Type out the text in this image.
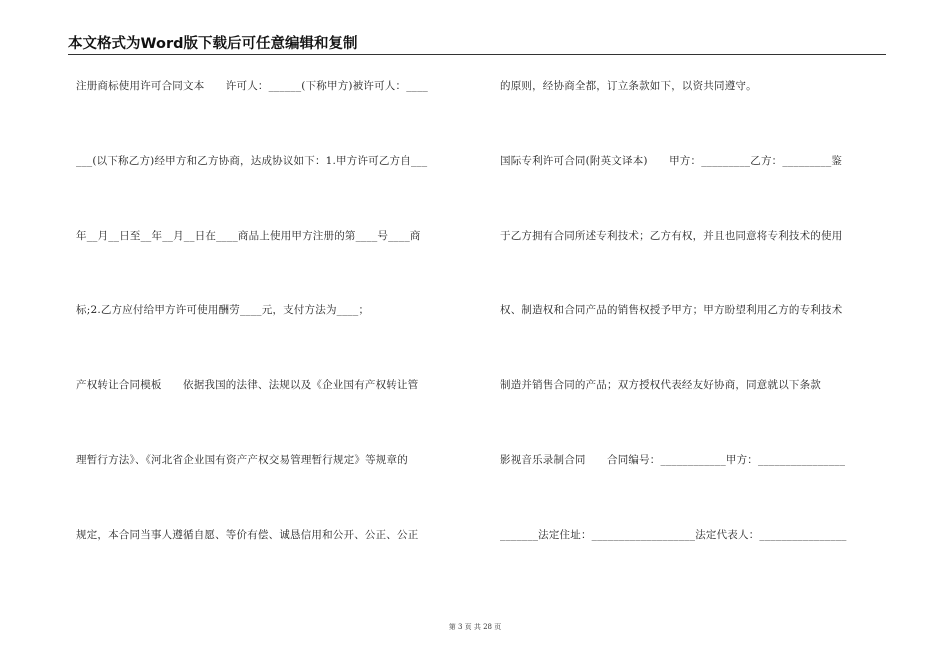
本文格式为Word版下载后可任意编辑和复制
注册商标使用许可合同文本　　许可人：______(下称甲方)被许可人：____
___(以下称乙方)经甲方和乙方协商，达成协议如下：1.甲方许可乙方自___
年__月__日至__年__月__日在____商品上使用甲方注册的第____号____商
标;2.乙方应付给甲方许可使用酬劳____元，支付方法为____；
产权转让合同模板　　依据我国的法律、法规以及《企业国有产权转让管
理暂行方法》、《河北省企业国有资产产权交易管理暂行规定》等规章的
规定，本合同当事人遵循自愿、等价有偿、诚恳信用和公开、公正、公正
的原则，经协商全都，订立条款如下，以资共同遵守。
国际专利许可合同(附英文译本)　　甲方：_________乙方：_________鉴
于乙方拥有合同所述专利技术；乙方有权，并且也同意将专利技术的使用
权、制造权和合同产品的销售权授予甲方；甲方盼望利用乙方的专利技术
制造并销售合同的产品；双方授权代表经友好协商，同意就以下条款
影视音乐录制合同　　合同编号：____________甲方：________________
_______法定住址：___________________法定代表人：________________
第 3 页 共 28 页
